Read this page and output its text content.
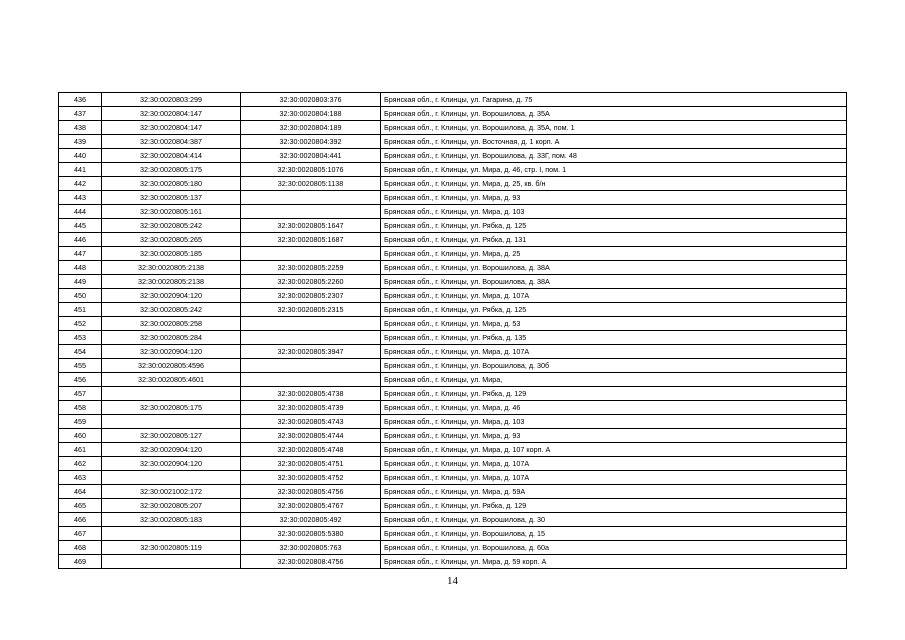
436	32:30:0020803:299	32:30:0020803:376	Брянская обл., г. Клинцы, ул. Гагарина, д. 75
437	32:30:0020804:147	32:30:0020804:188	Брянская обл., г. Клинцы, ул. Ворошилова, д. 35А
438	32:30:0020804:147	32:30:0020804:189	Брянская обл., г. Клинцы, ул. Ворошилова, д. 35А, пом. 1
439	32:30:0020804:387	32:30:0020804:392	Брянская обл., г. Клинцы, ул. Восточная, д. 1 корп. А
440	32:30:0020804:414	32:30:0020804:441	Брянская обл., г. Клинцы, ул. Ворошилова, д. 33Г, пом. 48
441	32:30:0020805:175	32:30:0020805:1076	Брянская обл., г. Клинцы, ул. Мира, д. 46, стр. I, пом. 1
442	32:30:0020805:180	32:30:0020805:1138	Брянская обл., г. Клинцы, ул. Мира, д. 25, кв. б/н
443	32:30:0020805:137		Брянская обл., г. Клинцы, ул. Мира, д. 93
444	32:30:0020805:161		Брянская обл., г. Клинцы, ул. Мира, д. 103
445	32:30:0020805:242	32:30:0020805:1647	Брянская обл., г. Клинцы, ул. Рябка, д. 125
446	32:30:0020805:265	32:30:0020805:1687	Брянская обл., г. Клинцы, ул. Рябка, д. 131
447	32:30:0020805:185		Брянская обл., г. Клинцы, ул. Мира, д. 25
448	32:30:0020805:2138	32:30:0020805:2259	Брянская обл., г. Клинцы, ул. Ворошилова, д. 38А
449	32:30:0020805:2138	32:30:0020805:2260	Брянская обл., г. Клинцы, ул. Ворошилова, д. 38А
450	32:30:0020904:120	32:30:0020805:2307	Брянская обл., г. Клинцы, ул. Мира, д. 107А
451	32:30:0020805:242	32:30:0020805:2315	Брянская обл., г. Клинцы, ул. Рябка, д. 125
452	32:30:0020805:258		Брянская обл., г. Клинцы, ул. Мира, д. 53
453	32:30:0020805:284		Брянская обл., г. Клинцы, ул. Рябка, д. 135
454	32:30:0020904:120	32:30:0020805:3947	Брянская обл., г. Клинцы, ул. Мира, д. 107А
455	32:30:0020805:4596		Брянская обл., г. Клинцы, ул. Ворошилова, д. 30б
456	32:30:0020805:4601		Брянская обл., г. Клинцы, ул. Мира,
457		32:30:0020805:4738	Брянская обл., г. Клинцы, ул. Рябка, д. 129
458	32:30:0020805:175	32:30:0020805:4739	Брянская обл., г. Клинцы, ул. Мира, д. 46
459		32:30:0020805:4743	Брянская обл., г. Клинцы, ул. Мира, д. 103
460	32:30:0020805:127	32:30:0020805:4744	Брянская обл., г. Клинцы, ул. Мира, д. 93
461	32:30:0020904:120	32:30:0020805:4748	Брянская обл., г. Клинцы, ул. Мира, д. 107 корп. А
462	32:30:0020904:120	32:30:0020805:4751	Брянская обл., г. Клинцы, ул. Мира, д. 107А
463		32:30:0020805:4752	Брянская обл., г. Клинцы, ул. Мира, д. 107А
464	32:30:0021002:172	32:30:0020805:4756	Брянская обл., г. Клинцы, ул. Мира, д. 59А
465	32:30:0020805:207	32:30:0020805:4767	Брянская обл., г. Клинцы, ул. Рябка, д. 129
466	32:30:0020805:183	32:30:0020805:492	Брянская обл., г. Клинцы, ул. Ворошилова, д. 30
467		32:30:0020805:5380	Брянская обл., г. Клинцы, ул. Ворошилова, д. 15
468	32:30:0020805:119	32:30:0020805:763	Брянская обл., г. Клинцы, ул. Ворошилова, д. 60а
469		32:30:0020808:4756	Брянская обл., г. Клинцы, ул. Мира, д. 59 корп. А
14
